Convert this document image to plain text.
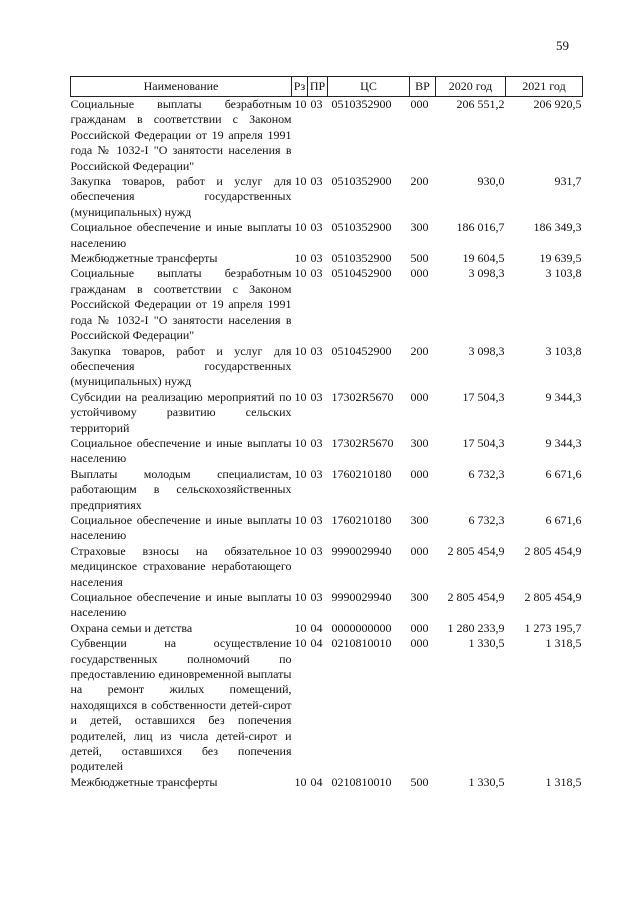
59
Наименование	Рз	ПР	ЦС	ВР	2020 год	2021 год
Социальные выплаты безработным гражданам в соответствии с Законом Российской Федерации от 19 апреля 1991 года № 1032-I "О занятости населения в Российской Федерации"	10	03	0510352900	000	206 551,2	206 920,5
Закупка товаров, работ и услуг для обеспечения государственных (муниципальных) нужд	10	03	0510352900	200	930,0	931,7
Социальное обеспечение и иные выплаты населению	10	03	0510352900	300	186 016,7	186 349,3
Межбюджетные трансферты	10	03	0510352900	500	19 604,5	19 639,5
Социальные выплаты безработным гражданам в соответствии с Законом Российской Федерации от 19 апреля 1991 года № 1032-I "О занятости населения в Российской Федерации"	10	03	0510452900	000	3 098,3	3 103,8
Закупка товаров, работ и услуг для обеспечения государственных (муниципальных) нужд	10	03	0510452900	200	3 098,3	3 103,8
Субсидии на реализацию мероприятий по устойчивому развитию сельских территорий	10	03	17302R5670	000	17 504,3	9 344,3
Социальное обеспечение и иные выплаты населению	10	03	17302R5670	300	17 504,3	9 344,3
Выплаты молодым специалистам, работающим в сельскохозяйственных предприятиях	10	03	1760210180	000	6 732,3	6 671,6
Социальное обеспечение и иные выплаты населению	10	03	1760210180	300	6 732,3	6 671,6
Страховые взносы на обязательное медицинское страхование неработающего населения	10	03	9990029940	000	2 805 454,9	2 805 454,9
Социальное обеспечение и иные выплаты населению	10	03	9990029940	300	2 805 454,9	2 805 454,9
Охрана семьи и детства	10	04	0000000000	000	1 280 233,9	1 273 195,7
Субвенции на осуществление государственных полномочий по предоставлению единовременной выплаты на ремонт жилых помещений, находящихся в собственности детей-сирот и детей, оставшихся без попечения родителей, лиц из числа детей-сирот и детей, оставшихся без попечения родителей	10	04	0210810010	000	1 330,5	1 318,5
Межбюджетные трансферты	10	04	0210810010	500	1 330,5	1 318,5
